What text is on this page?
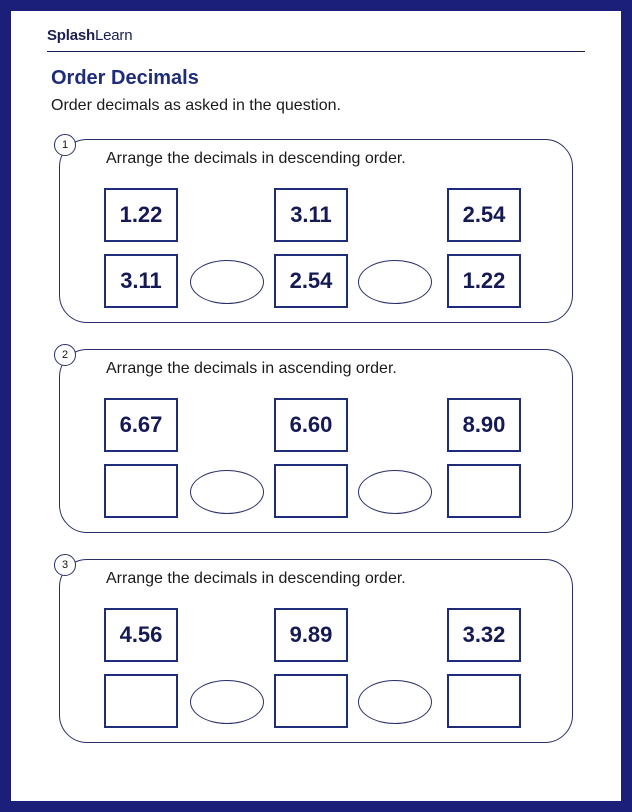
SplashLearn
Order Decimals
Order decimals as asked in the question.
1
Arrange the decimals in descending order.
1.22	3.11	2.54
3.11	2.54	1.22
2
Arrange the decimals in ascending order.
6.67	6.60	8.90
3
Arrange the decimals in descending order.
4.56	9.89	3.32
